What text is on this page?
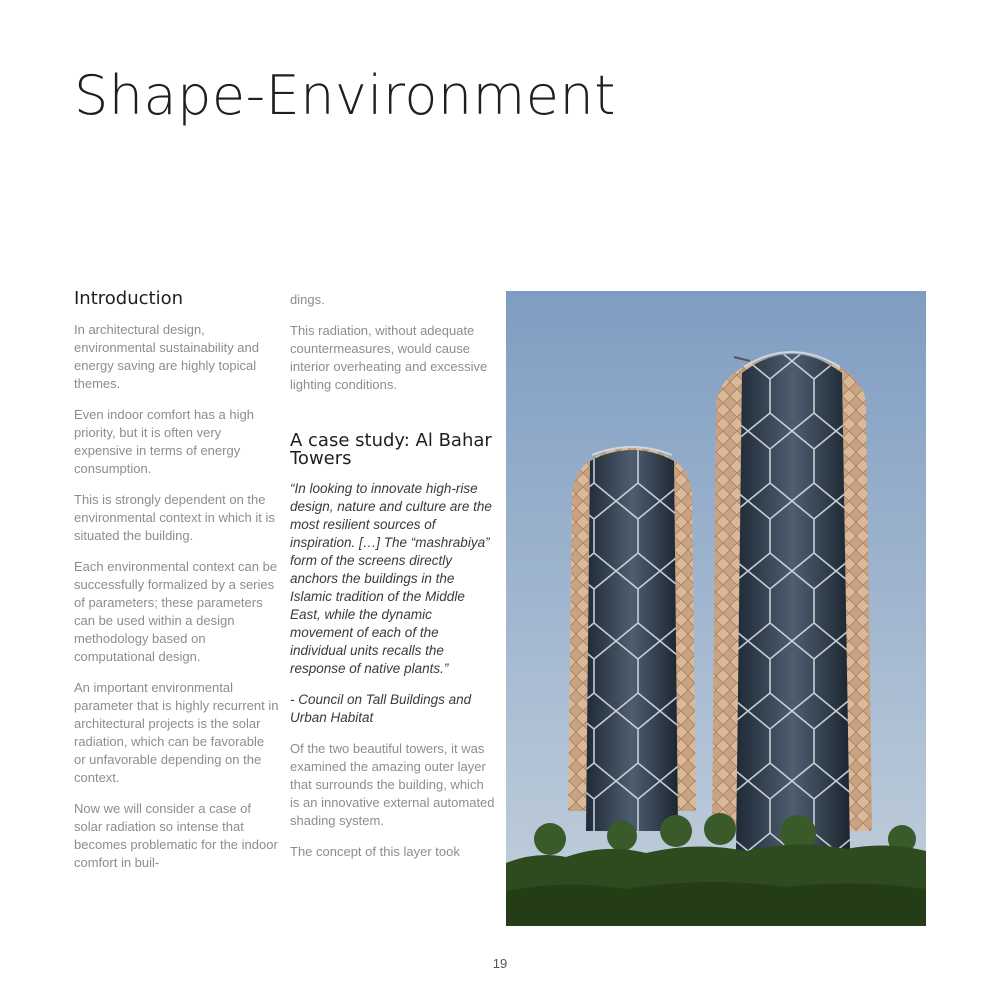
Shape-Environment
Introduction

In architectural design, environmental sustainability and energy saving are highly topical themes.

Even indoor comfort has a high priority, but it is often very expensive in terms of energy consumption.

This is strongly dependent on the environmental context in which it is situated the building.

Each environmental context can be successfully formalized by a series of parameters; these parameters can be used within a design methodology based on computational design.

An important environmental parameter that is highly recurrent in architectural projects is the solar radiation, which can be favorable or unfavorable depending on the context.

Now we will consider a case of solar radiation so intense that becomes problematic for the indoor comfort in buil-

dings.

This radiation, without adequate countermeasures, would cause interior overheating and excessive lighting conditions.

A case study: Al Bahar Towers

“In looking to innovate high-rise design, nature and culture are the most resilient sources of inspiration. […] The “mashrabiya” form of the screens directly anchors the buildings in the Islamic tradition of the Middle East, while the dynamic movement of each of the individual units recalls the response of native plants.”

- Council on Tall Buildings and Urban Habitat

Of the two beautiful towers, it was examined the amazing outer layer that surrounds the building, which is an innovative external automated shading system.

The concept of this layer took

19
